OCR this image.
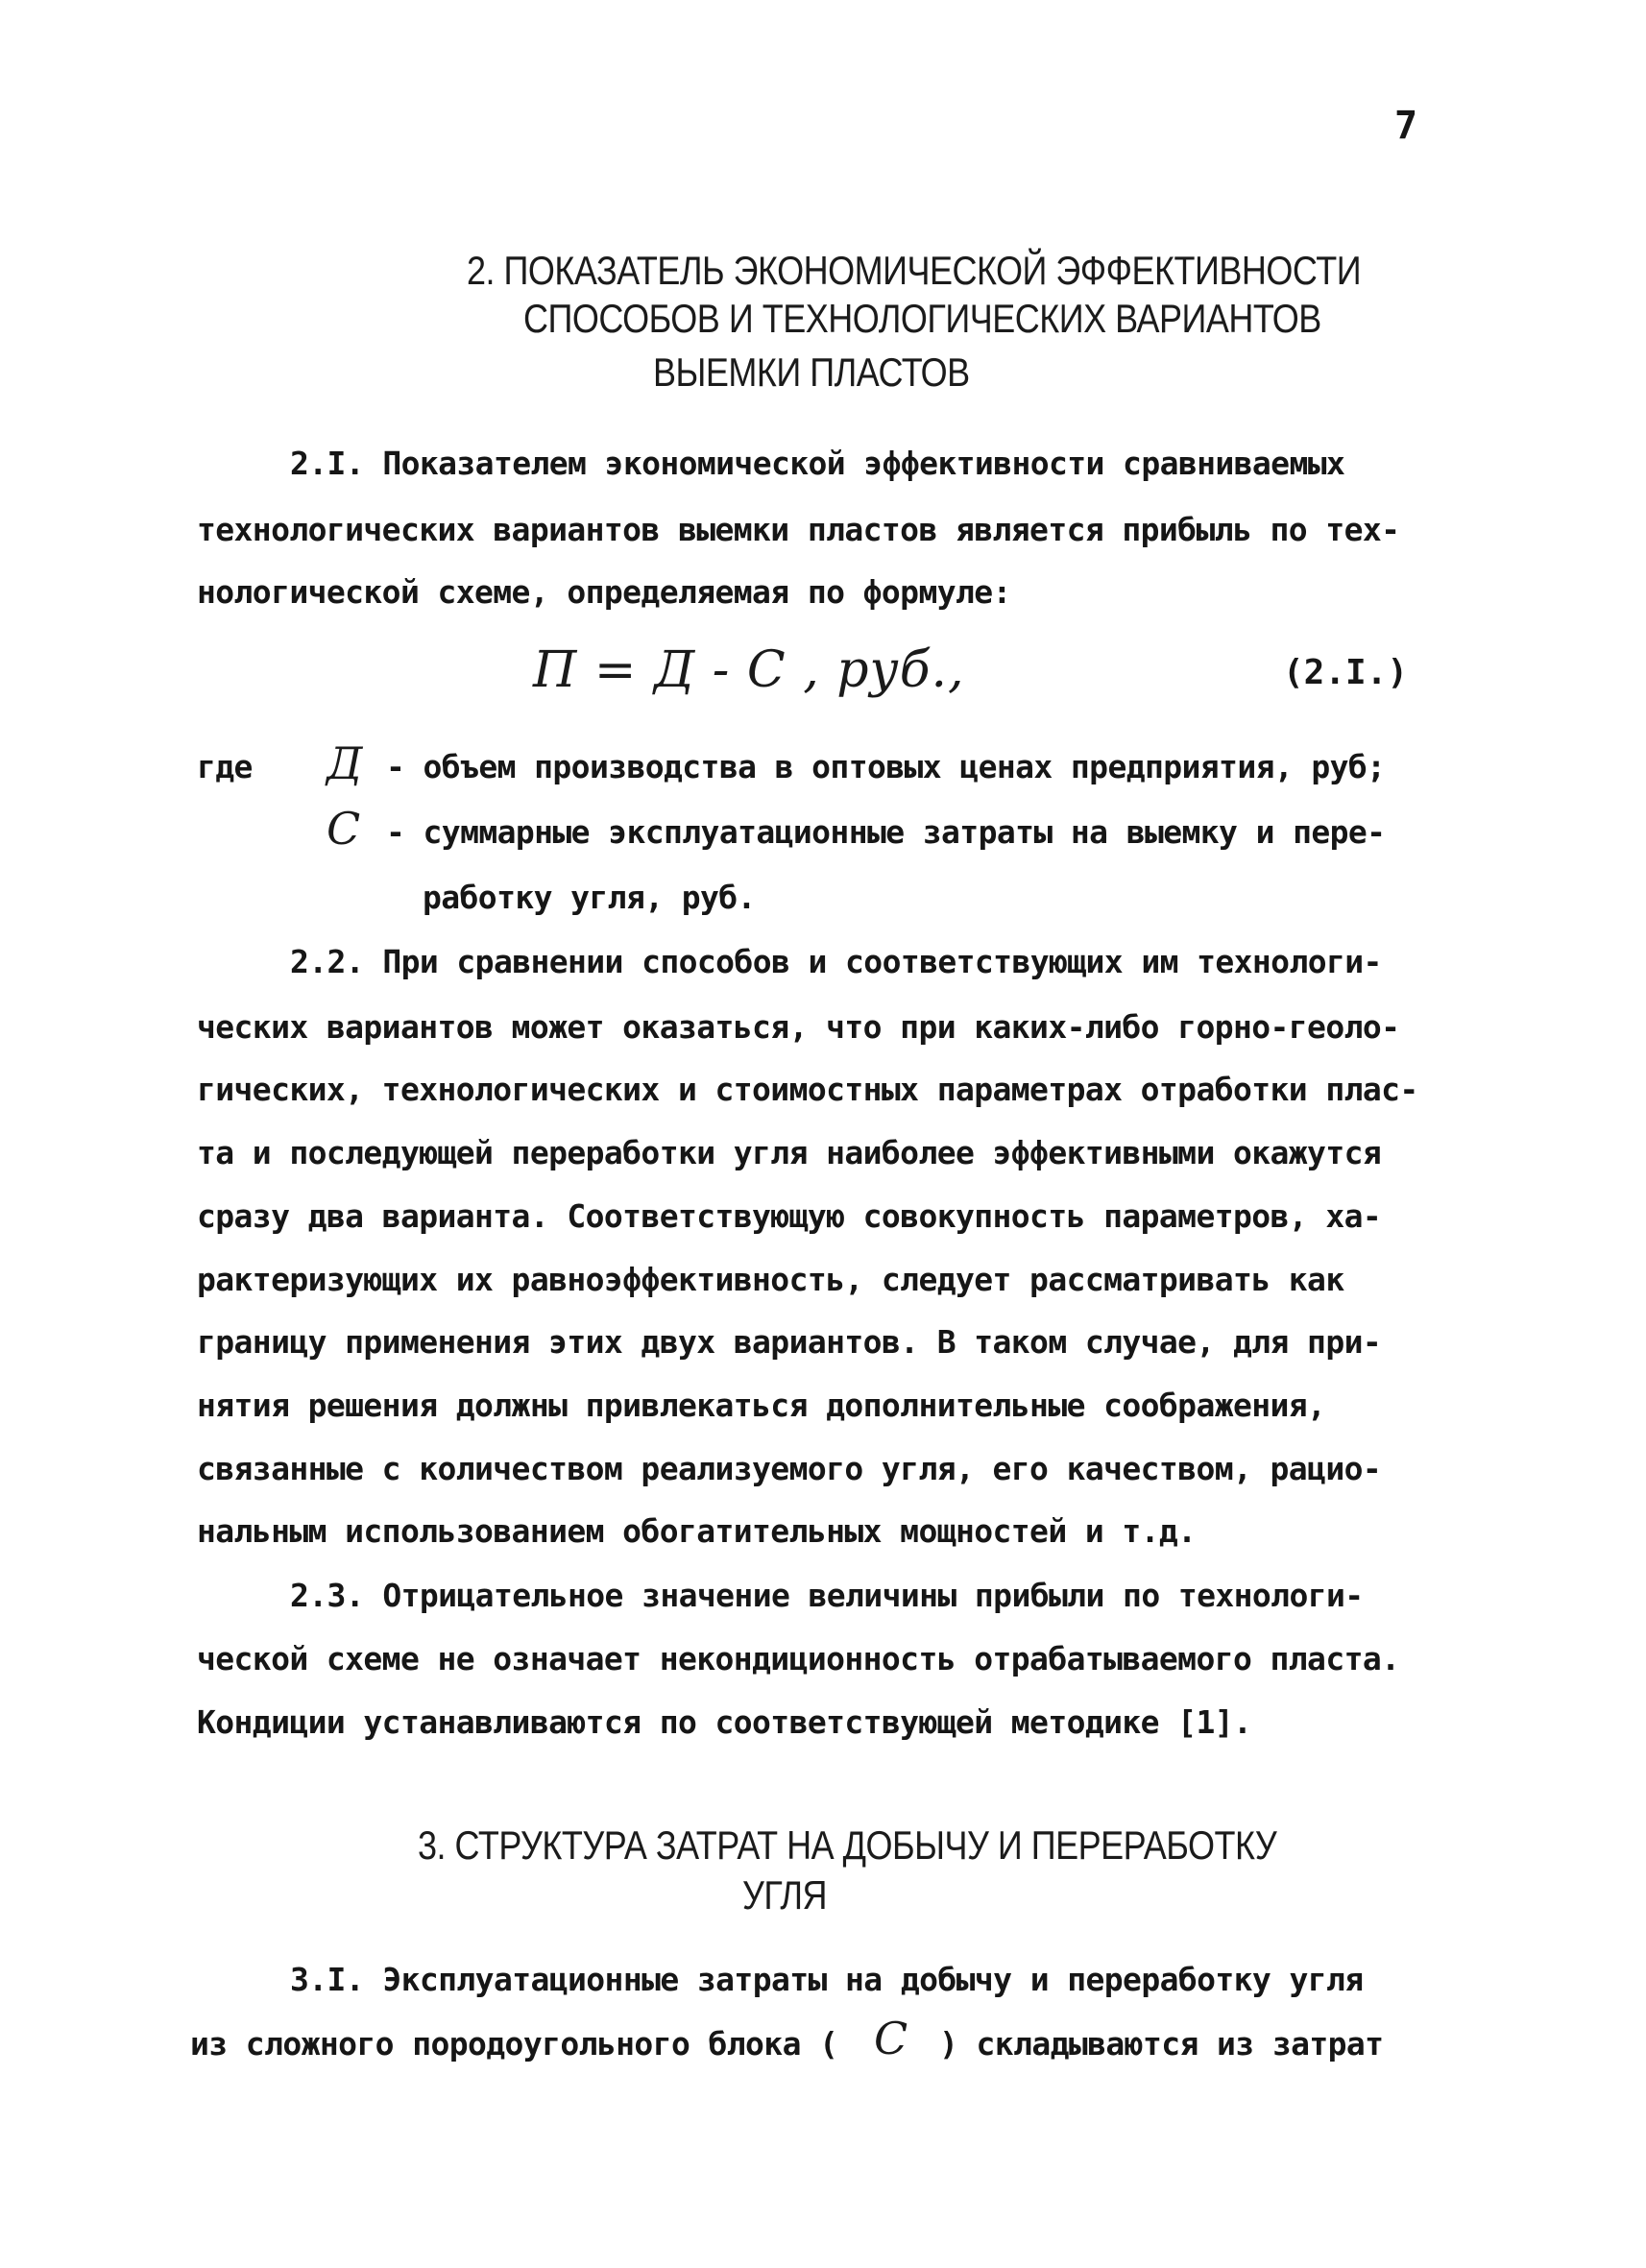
7
2. ПОКАЗАТЕЛЬ ЭКОНОМИЧЕСКОЙ ЭФФЕКТИВНОСТИ
СПОСОБОВ И ТЕХНОЛОГИЧЕСКИХ ВАРИАНТОВ
ВЫЕМКИ ПЛАСТОВ
2.I. Показателем экономической эффективности сравниваемых
технологических вариантов выемки пластов является прибыль по тех-
нологической схеме, определяемая по формуле:
П = Д - С , руб.,	(2.I.)
где Д - объем производства в оптовых ценах предприятия, руб;
С - суммарные эксплуатационные затраты на выемку и пере-
работку угля, руб.
2.2. При сравнении способов и соответствующих им технологи-
ческих вариантов может оказаться, что при каких-либо горно-геоло-
гических, технологических и стоимостных параметрах отработки плас-
та и последующей переработки угля наиболее эффективными окажутся
сразу два варианта. Соответствующую совокупность параметров, ха-
рактеризующих их равноэффективность, следует рассматривать как
границу применения этих двух вариантов. В таком случае, для при-
нятия решения должны привлекаться дополнительные соображения,
связанные с количеством реализуемого угля, его качеством, рацио-
нальным использованием обогатительных мощностей и т.д.
2.3. Отрицательное значение величины прибыли по технологи-
ческой схеме не означает некондиционность отрабатываемого пласта.
Кондиции устанавливаются по соответствующей методике [1].
3. СТРУКТУРА ЗАТРАТ НА ДОБЫЧУ И ПЕРЕРАБОТКУ
УГЛЯ
3.I. Эксплуатационные затраты на добычу и переработку угля
из сложного породоугольного блока ( С ) складываются из затрат
